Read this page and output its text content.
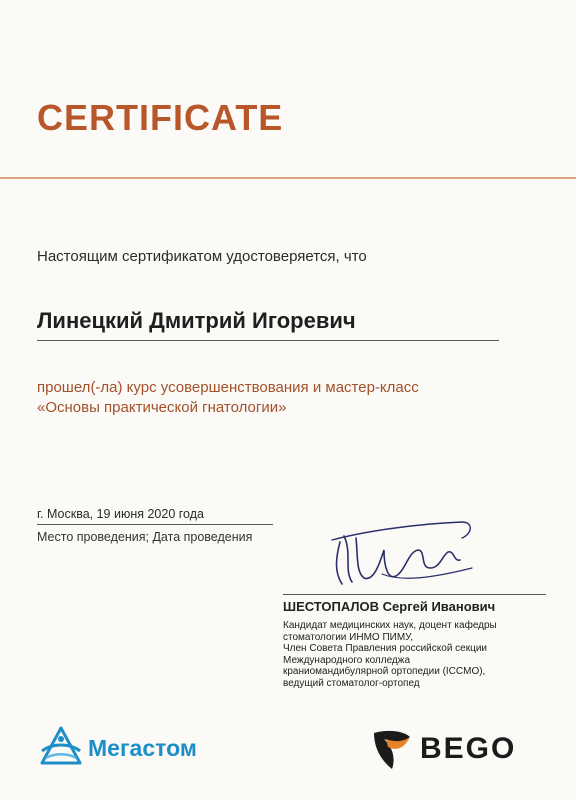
CERTIFICATE
Настоящим сертификатом удостоверяется, что
Линецкий Дмитрий Игоревич
прошел(-ла) курс усовершенствования и мастер-класс
«Основы практической гнатологии»
г. Москва, 19 июня 2020 года
Место проведения; Дата проведения
ШЕСТОПАЛОВ Сергей Иванович
Кандидат медицинских наук, доцент кафедры
стоматологии ИНМО ПИМУ,
Член Совета Правления российской секции
Международного колледжа
краниомандибулярной ортопедии (ICCMO),
ведущий стоматолог-ортопед
Мегастом	BEGO
